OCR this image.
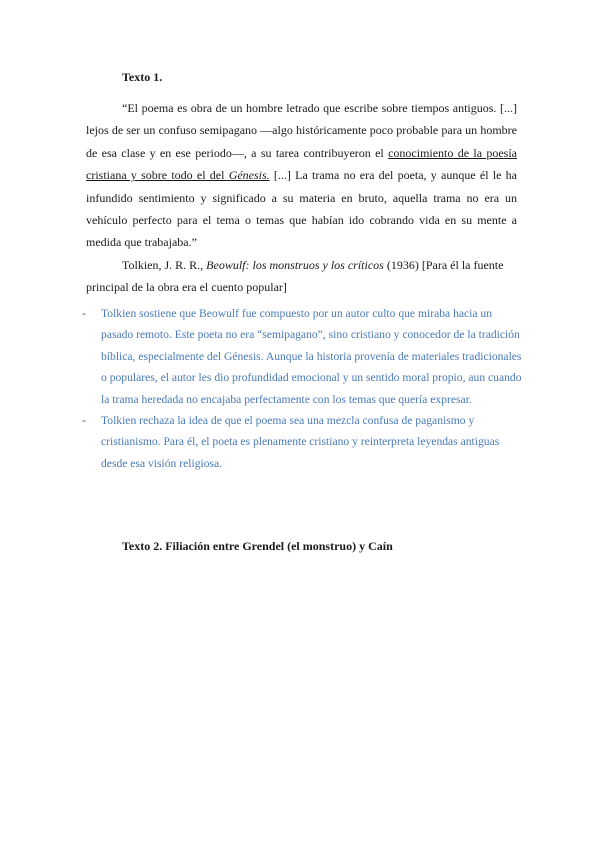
Texto 1.

“El poema es obra de un hombre letrado que escribe sobre tiempos antiguos. [...] lejos de ser un confuso semipagano —algo históricamente poco probable para un hombre de esa clase y en ese periodo—, a su tarea contribuyeron el conocimiento de la poesía cristiana y sobre todo el del Génesis. [...] La trama no era del poeta, y aunque él le ha infundido sentimiento y significado a su materia en bruto, aquella trama no era un vehículo perfecto para el tema o temas que habían ido cobrando vida en su mente a medida que trabajaba.”

Tolkien, J. R. R., Beowulf: los monstruos y los críticos (1936) [Para él la fuente principal de la obra era el cuento popular]

- Tolkien sostiene que Beowulf fue compuesto por un autor culto que miraba hacia un pasado remoto. Este poeta no era “semipagano”, sino cristiano y conocedor de la tradición bíblica, especialmente del Génesis. Aunque la historia provenía de materiales tradicionales o populares, el autor les dio profundidad emocional y un sentido moral propio, aun cuando la trama heredada no encajaba perfectamente con los temas que quería expresar.
- Tolkien rechaza la idea de que el poema sea una mezcla confusa de paganismo y cristianismo. Para él, el poeta es plenamente cristiano y reinterpreta leyendas antiguas desde esa visión religiosa.
Texto 2. Filiación entre Grendel (el monstruo) y Caín
